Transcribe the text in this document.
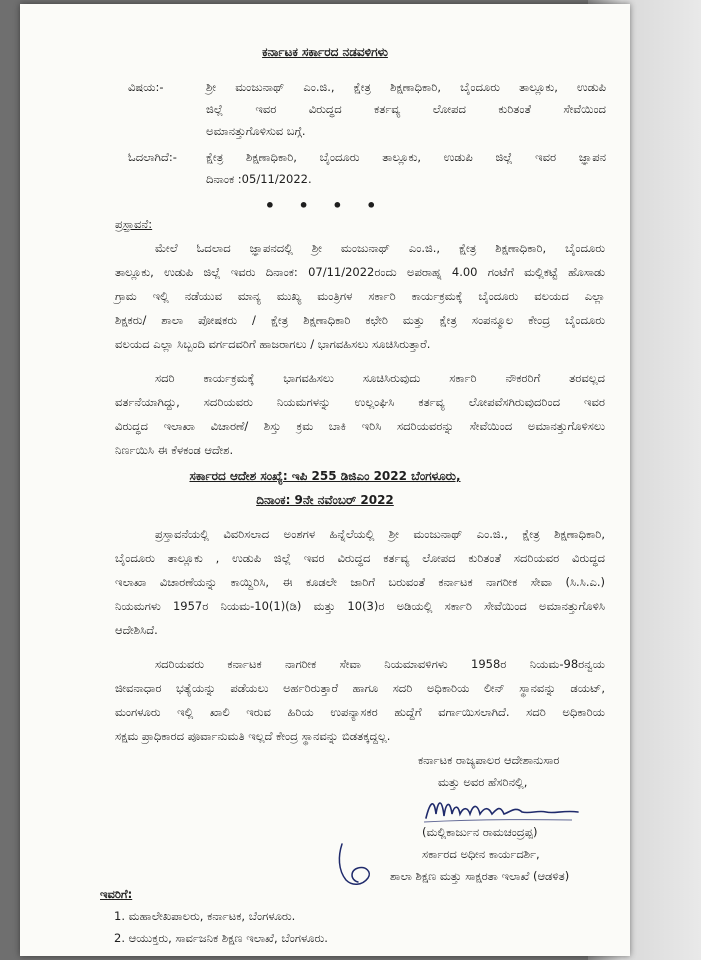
ಕರ್ನಾಟಕ ಸರ್ಕಾರದ ನಡವಳಿಗಳು
ವಿಷಯ:-	ಶ್ರೀ ಮಂಜುನಾಥ್ ಎಂ.ಜಿ., ಕ್ಷೇತ್ರ ಶಿಕ್ಷಣಾಧಿಕಾರಿ, ಬೈಂದೂರು ತಾಲ್ಲೂಕು, ಉಡುಪಿ
ಜಿಲ್ಲೆ ಇವರ ವಿರುದ್ಧದ ಕರ್ತವ್ಯ ಲೋಪದ ಕುರಿತಂತೆ ಸೇವೆಯಿಂದ
ಅಮಾನತ್ತುಗೊಳಿಸುವ ಬಗ್ಗೆ.
ಓದಲಾಗಿದೆ:-	ಕ್ಷೇತ್ರ ಶಿಕ್ಷಣಾಧಿಕಾರಿ, ಬೈಂದೂರು ತಾಲ್ಲೂಕು, ಉಡುಪಿ ಜಿಲ್ಲೆ ಇವರ ಜ್ಞಾಪನ
ದಿನಾಂಕ :05/11/2022.
• • • •
ಪ್ರಸ್ತಾವನೆ:
ಮೇಲೆ ಓದಲಾದ ಜ್ಞಾಪನದಲ್ಲಿ ಶ್ರೀ ಮಂಜುನಾಥ್ ಎಂ.ಜಿ., ಕ್ಷೇತ್ರ ಶಿಕ್ಷಣಾಧಿಕಾರಿ, ಬೈಂದೂರು
ತಾಲ್ಲೂಕು, ಉಡುಪಿ ಜಿಲ್ಲೆ ಇವರು ದಿನಾಂಕ: 07/11/2022ರಂದು ಅಪರಾಹ್ನ 4.00 ಗಂಟೆಗೆ ಮಲ್ಲಿಕಟ್ಟೆ ಹೊಸಾಡು
ಗ್ರಾಮ ಇಲ್ಲಿ ನಡೆಯುವ ಮಾನ್ಯ ಮುಖ್ಯ ಮಂತ್ರಿಗಳ ಸರ್ಕಾರಿ ಕಾರ್ಯಕ್ರಮಕ್ಕೆ ಬೈಂದೂರು ವಲಯದ ಎಲ್ಲಾ
ಶಿಕ್ಷಕರು/ ಶಾಲಾ ಪೋಷಕರು / ಕ್ಷೇತ್ರ ಶಿಕ್ಷಣಾಧಿಕಾರಿ ಕಛೇರಿ ಮತ್ತು ಕ್ಷೇತ್ರ ಸಂಪನ್ಮೂಲ ಕೇಂದ್ರ ಬೈಂದೂರು
ವಲಯದ ಎಲ್ಲಾ ಸಿಬ್ಬಂದಿ ವರ್ಗದವರಿಗೆ ಹಾಜರಾಗಲು / ಭಾಗವಹಿಸಲು ಸೂಚಿಸಿರುತ್ತಾರೆ.
ಸದರಿ ಕಾರ್ಯಕ್ರಮಕ್ಕೆ ಭಾಗವಹಿಸಲು ಸೂಚಿಸಿರುವುದು ಸರ್ಕಾರಿ ನೌಕರರಿಗೆ ತರವಲ್ಲದ
ವರ್ತನೆಯಾಗಿದ್ದು, ಸದರಿಯವರು ನಿಯಮಗಳನ್ನು ಉಲ್ಲಂಘಿಸಿ ಕರ್ತವ್ಯ ಲೋಪವೆಸಗಿರುವುದರಿಂದ ಇವರ
ವಿರುದ್ಧದ ಇಲಾಖಾ ವಿಚಾರಣೆ/ ಶಿಸ್ತು ಕ್ರಮ ಬಾಕಿ ಇರಿಸಿ ಸದರಿಯವರನ್ನು ಸೇವೆಯಿಂದ ಅಮಾನತ್ತುಗೊಳಿಸಲು
ನಿರ್ಣಯಿಸಿ ಈ ಕೆಳಕಂಡ ಆದೇಶ.
ಸರ್ಕಾರದ ಆದೇಶ ಸಂಖ್ಯೆ: ಇಪಿ 255 ಡಿಜಿಎಂ 2022 ಬೆಂಗಳೂರು,
ದಿನಾಂಕ: 9ನೇ ನವೆಂಬರ್ 2022
ಪ್ರಸ್ತಾವನೆಯಲ್ಲಿ ವಿವರಿಸಲಾದ ಅಂಶಗಳ ಹಿನ್ನೆಲೆಯಲ್ಲಿ ಶ್ರೀ ಮಂಜುನಾಥ್ ಎಂ.ಜಿ., ಕ್ಷೇತ್ರ ಶಿಕ್ಷಣಾಧಿಕಾರಿ,
ಬೈಂದೂರು ತಾಲ್ಲೂಕು , ಉಡುಪಿ ಜಿಲ್ಲೆ ಇವರ ವಿರುದ್ಧದ ಕರ್ತವ್ಯ ಲೋಪದ ಕುರಿತಂತೆ ಸದರಿಯವರ ವಿರುದ್ಧದ
ಇಲಾಖಾ ವಿಚಾರಣೆಯನ್ನು ಕಾಯ್ದಿರಿಸಿ, ಈ ಕೂಡಲೇ ಜಾರಿಗೆ ಬರುವಂತೆ ಕರ್ನಾಟಕ ನಾಗರೀಕ ಸೇವಾ (ಸಿ.ಸಿ.ಎ.)
ನಿಯಮಗಳು 1957ರ ನಿಯಮ-10(1)(ಡಿ) ಮತ್ತು 10(3)ರ ಅಡಿಯಲ್ಲಿ ಸರ್ಕಾರಿ ಸೇವೆಯಿಂದ ಅಮಾನತ್ತುಗೊಳಿಸಿ
ಆದೇಶಿಸಿದೆ.
ಸದರಿಯವರು ಕರ್ನಾಟಕ ನಾಗರೀಕ ಸೇವಾ ನಿಯಮಾವಳಿಗಳು 1958ರ ನಿಯಮ-98ರನ್ವಯ
ಜೀವನಾಧಾರ ಭತ್ಯೆಯನ್ನು ಪಡೆಯಲು ಅರ್ಹರಿರುತ್ತಾರೆ ಹಾಗೂ ಸದರಿ ಅಧಿಕಾರಿಯ ಲೀನ್ ಸ್ಥಾನವನ್ನು ಡಯಟ್,
ಮಂಗಳೂರು ಇಲ್ಲಿ ಖಾಲಿ ಇರುವ ಹಿರಿಯ ಉಪನ್ಯಾಸಕರ ಹುದ್ದೆಗೆ ವರ್ಗಾಯಿಸಲಾಗಿದೆ. ಸದರಿ ಅಧಿಕಾರಿಯ
ಸಕ್ಷಮ ಪ್ರಾಧಿಕಾರದ ಪೂರ್ವಾನುಮತಿ ಇಲ್ಲದೆ ಕೇಂದ್ರ ಸ್ಥಾನವನ್ನು ಬಿಡತಕ್ಕದ್ದಲ್ಲ.
ಕರ್ನಾಟಕ ರಾಜ್ಯಪಾಲರ ಆದೇಶಾನುಸಾರ
ಮತ್ತು ಅವರ ಹೆಸರಿನಲ್ಲಿ,
(ಮಲ್ಲಿಕಾರ್ಜುನ ರಾಮಚಂದ್ರಪ್ಪ)
ಸರ್ಕಾರದ ಅಧೀನ ಕಾರ್ಯದರ್ಶಿ,
ಶಾಲಾ ಶಿಕ್ಷಣ ಮತ್ತು ಸಾಕ್ಷರತಾ ಇಲಾಖೆ (ಆಡಳಿತ)
ಇವರಿಗೆ:
1. ಮಹಾಲೇಖಪಾಲರು, ಕರ್ನಾಟಕ, ಬೆಂಗಳೂರು.
2. ಆಯುಕ್ತರು, ಸಾರ್ವಜನಿಕ ಶಿಕ್ಷಣ ಇಲಾಖೆ, ಬೆಂಗಳೂರು.
